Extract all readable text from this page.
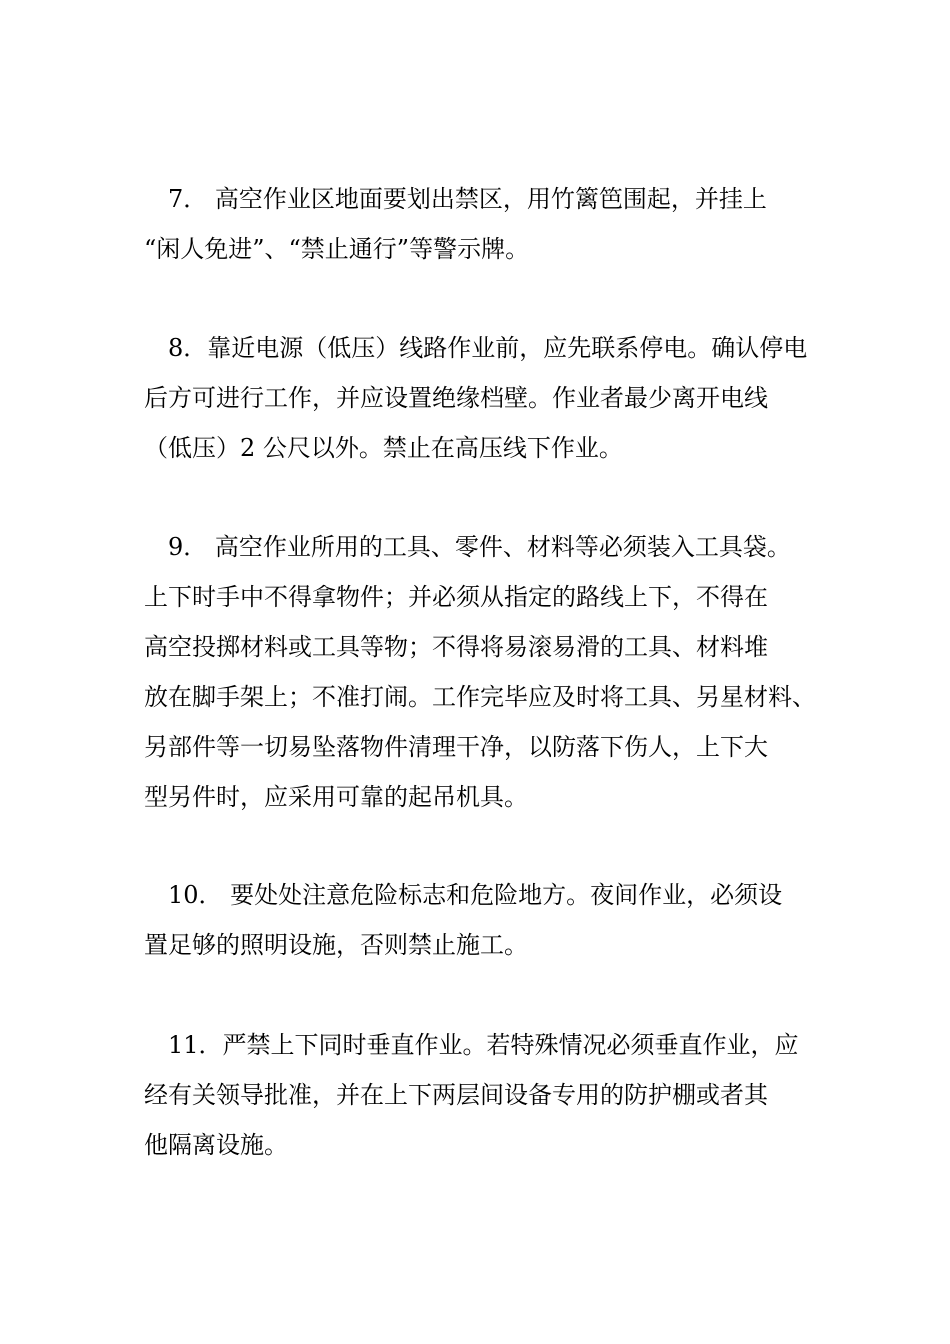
7． 高空作业区地面要划出禁区，用竹篱笆围起，并挂上
“闲人免进”、“禁止通行”等警示牌。
8．靠近电源（低压）线路作业前，应先联系停电。确认停电
后方可进行工作，并应设置绝缘档壁。作业者最少离开电线
（低压）2 公尺以外。禁止在高压线下作业。
9． 高空作业所用的工具、零件、材料等必须装入工具袋。
上下时手中不得拿物件；并必须从指定的路线上下，不得在
高空投掷材料或工具等物；不得将易滚易滑的工具、材料堆
放在脚手架上；不准打闹。工作完毕应及时将工具、另星材料、
另部件等一切易坠落物件清理干净，以防落下伤人，上下大
型另件时，应采用可靠的起吊机具。
10． 要处处注意危险标志和危险地方。夜间作业，必须设
置足够的照明设施，否则禁止施工。
11．严禁上下同时垂直作业。若特殊情况必须垂直作业，应
经有关领导批准，并在上下两层间设备专用的防护棚或者其
他隔离设施。
